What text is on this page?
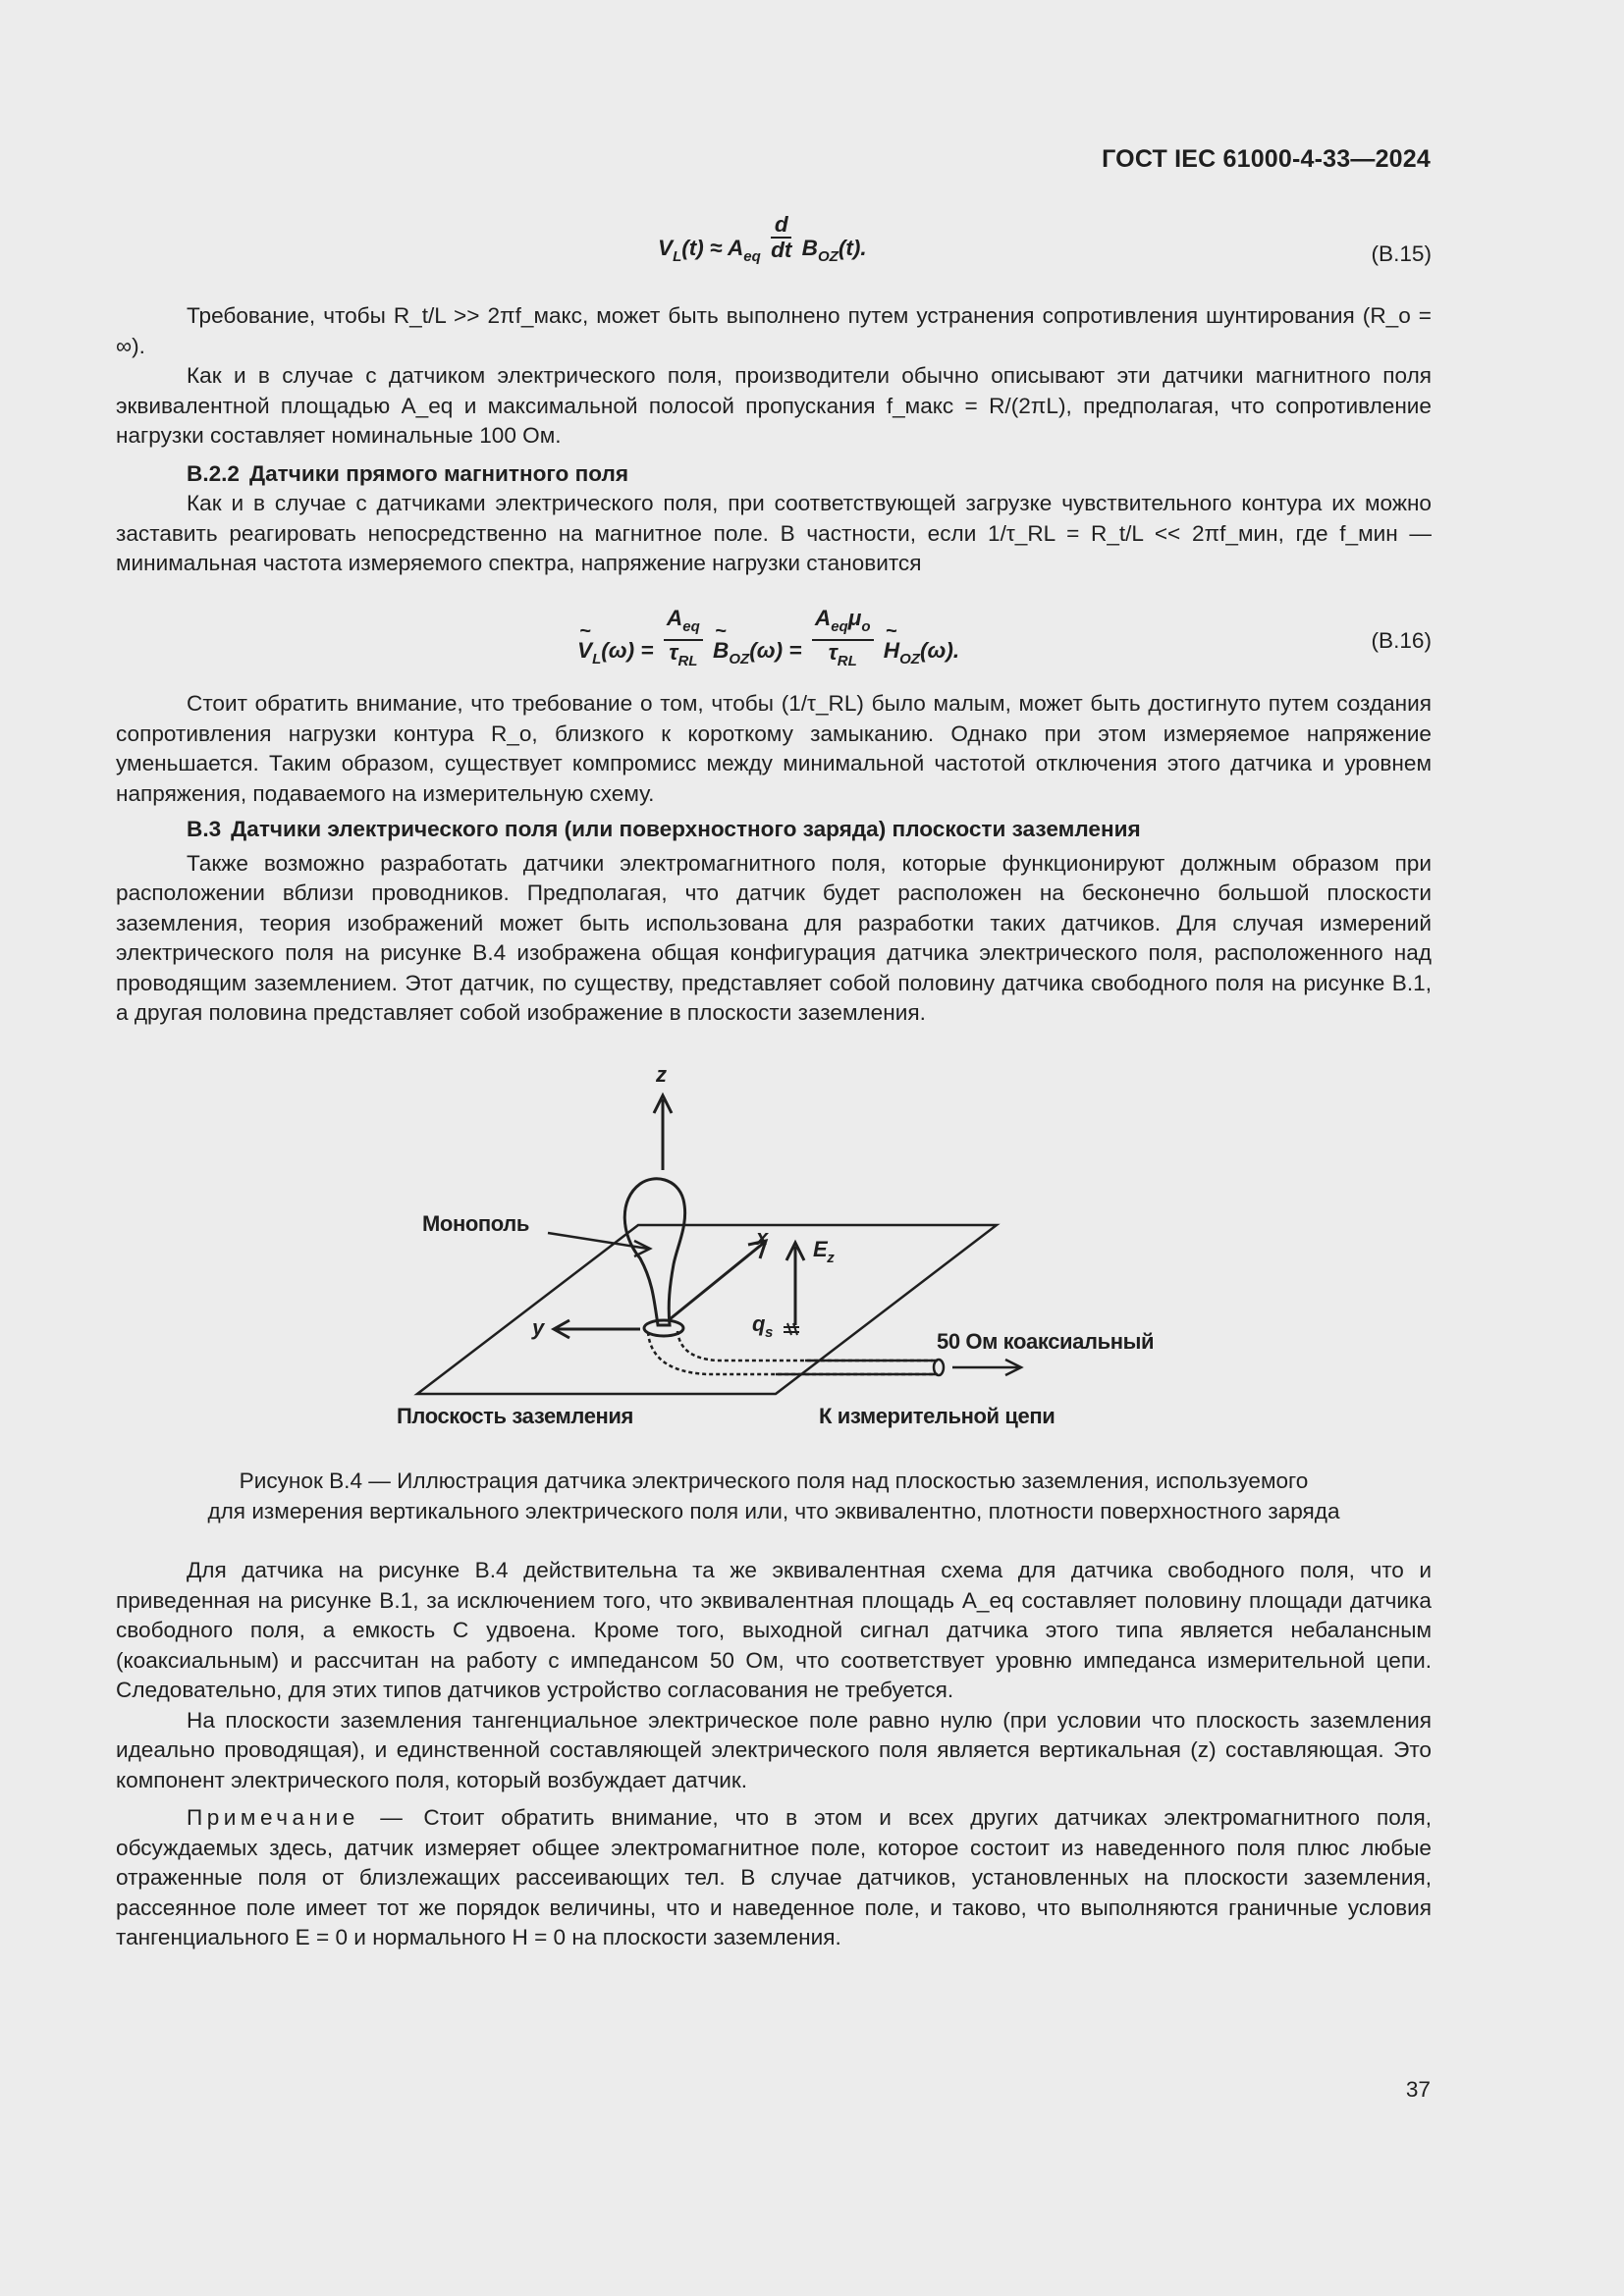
ГОСТ IEC 61000-4-33—2024
$V_L(t) \approx A_{eq} \frac{d}{dt} B_{OZ}(t)$.	(B.15)

Требование, чтобы R_t/L >> 2πf_макс, может быть выполнено путем устранения сопротивления шунтирования (R_o = ∞).

Как и в случае с датчиком электрического поля, производители обычно описывают эти датчики магнитного поля эквивалентной площадью A_eq и максимальной полосой пропускания f_макс = R/(2πL), предполагая, что сопротивление нагрузки составляет номинальные 100 Ом.

B.2.2 Датчики прямого магнитного поля

Как и в случае с датчиками электрического поля, при соответствующей загрузке чувствительного контура их можно заставить реагировать непосредственно на магнитное поле. В частности, если 1/τ_RL = R_t/L << 2πf_мин, где f_мин — минимальная частота измеряемого спектра, напряжение нагрузки становится

~ $V_L(\omega) = \frac{A_{eq}}{\tau_{RL}}$ ~ $B_{OZ}(\omega) = \frac{A_{eq}\mu_o}{\tau_{RL}}$ ~ $H_{OZ}(\omega)$.	(B.16)

Стоит обратить внимание, что требование о том, чтобы (1/τ_RL) было малым, может быть достигнуто путем создания сопротивления нагрузки контура R_o, близкого к короткому замыканию. Однако при этом измеряемое напряжение уменьшается. Таким образом, существует компромисс между минимальной частотой отключения этого датчика и уровнем напряжения, подаваемого на измерительную схему.

B.3 Датчики электрического поля (или поверхностного заряда) плоскости заземления

Также возможно разработать датчики электромагнитного поля, которые функционируют должным образом при расположении вблизи проводников. Предполагая, что датчик будет расположен на бесконечно большой плоскости заземления, теория изображений может быть использована для разработки таких датчиков. Для случая измерений электрического поля на рисунке B.4 изображена общая конфигурация датчика электрического поля, расположенного над проводящим заземлением. Этот датчик, по существу, представляет собой половину датчика свободного поля на рисунке B.1, а другая половина представляет собой изображение в плоскости заземления.

z
x
y
$E_z$
$q_s$
Монополь
50 Ом коаксиальный
Плоскость заземления	К измерительной цепи
Рисунок B.4 — Иллюстрация датчика электрического поля над плоскостью заземления, используемого
для измерения вертикального электрического поля или, что эквивалентно, плотности поверхностного заряда

Для датчика на рисунке B.4 действительна та же эквивалентная схема для датчика свободного поля, что и приведенная на рисунке B.1, за исключением того, что эквивалентная площадь A_eq составляет половину площади датчика свободного поля, а емкость C удвоена. Кроме того, выходной сигнал датчика этого типа является небалансным (коаксиальным) и рассчитан на работу с импедансом 50 Ом, что соответствует уровню импеданса измерительной цепи. Следовательно, для этих типов датчиков устройство согласования не требуется.

На плоскости заземления тангенциальное электрическое поле равно нулю (при условии что плоскость заземления идеально проводящая), и единственной составляющей электрического поля является вертикальная (z) составляющая. Это компонент электрического поля, который возбуждает датчик.

Примечание — Стоит обратить внимание, что в этом и всех других датчиках электромагнитного поля, обсуждаемых здесь, датчик измеряет общее электромагнитное поле, которое состоит из наведенного поля плюс любые отраженные поля от близлежащих рассеивающих тел. В случае датчиков, установленных на плоскости заземления, рассеянное поле имеет тот же порядок величины, что и наведенное поле, и таково, что выполняются граничные условия тангенциального E = 0 и нормального H = 0 на плоскости заземления.

37
